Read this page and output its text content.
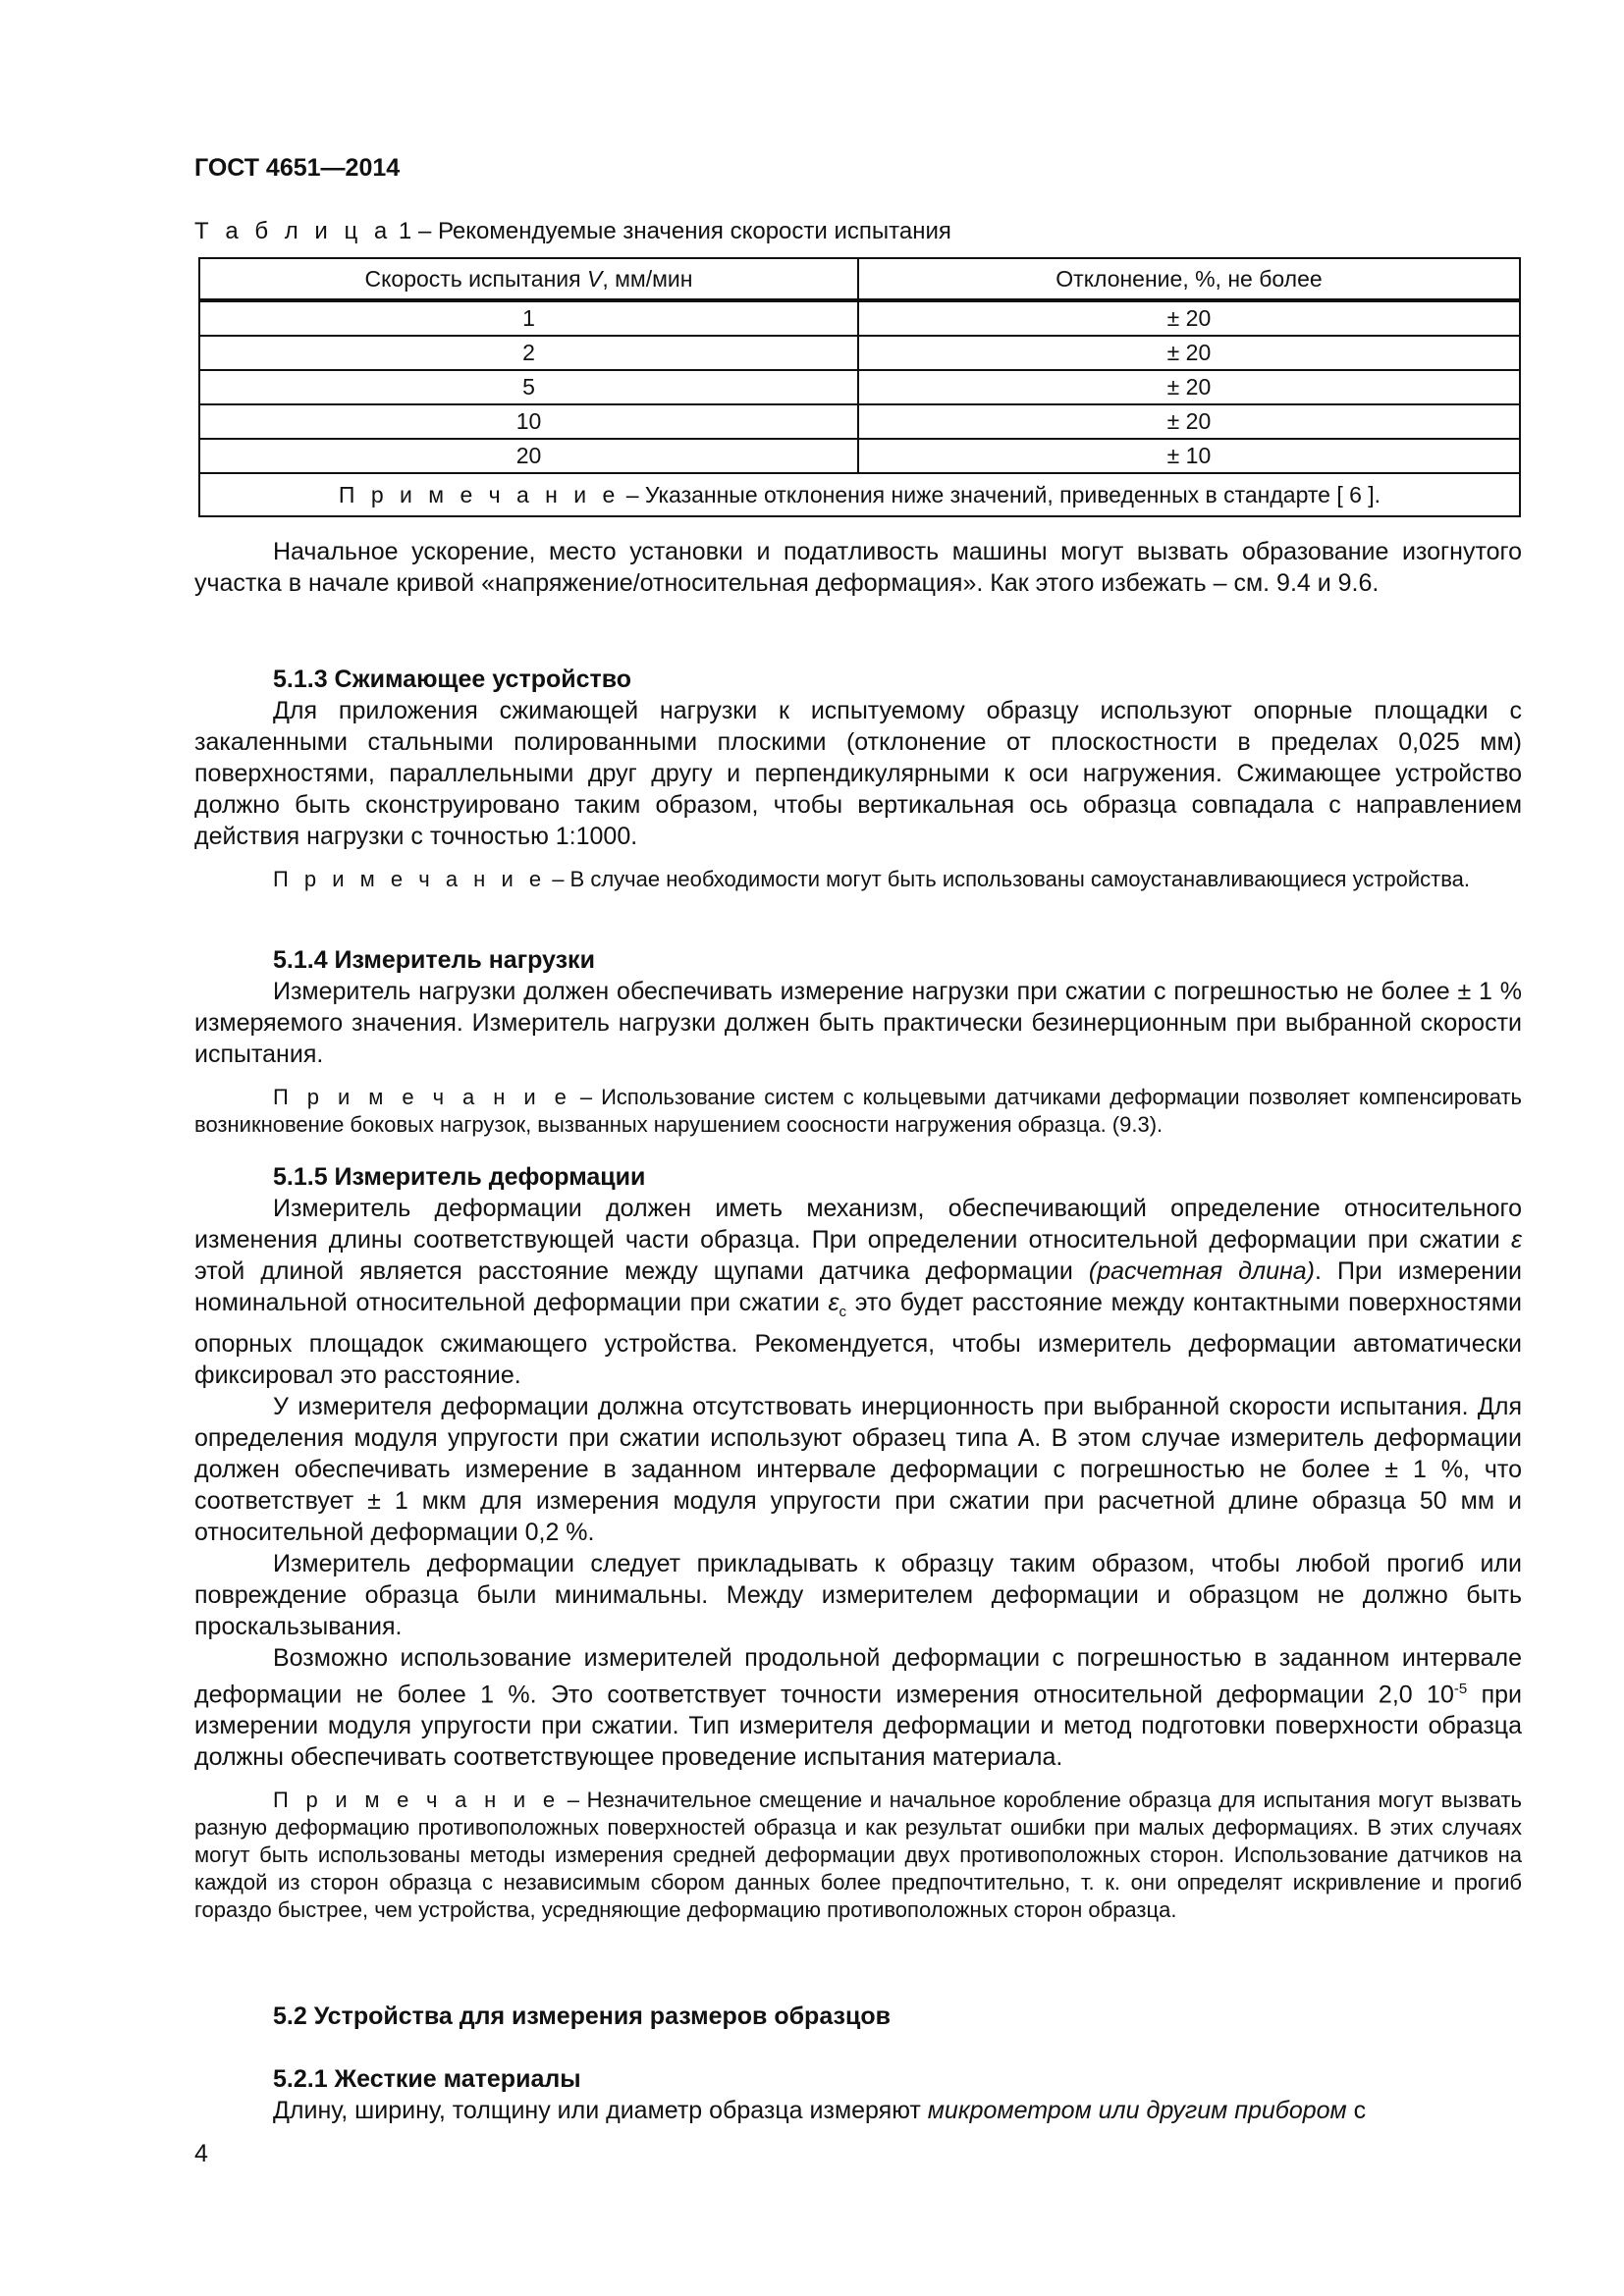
ГОСТ 4651—2014
Т а б л и ц а 1 – Рекомендуемые значения скорости испытания
Скорость испытания V, мм/мин	Отклонение, %, не более
1	± 20
2	± 20
5	± 20
10	± 20
20	± 10
П р и м е ч а н и е – Указанные отклонения ниже значений, приведенных в стандарте [ 6 ].	

Начальное ускорение, место установки и податливость машины могут вызвать образование изогнутого участка в начале кривой «напряжение/относительная деформация». Как этого избежать – см. 9.4 и 9.6.

5.1.3 Сжимающее устройство

Для приложения сжимающей нагрузки к испытуемому образцу используют опорные площадки с закаленными стальными полированными плоскими (отклонение от плоскостности в пределах 0,025 мм) поверхностями, параллельными друг другу и перпендикулярными к оси нагружения. Сжимающее устройство должно быть сконструировано таким образом, чтобы вертикальная ось образца совпадала с направлением действия нагрузки с точностью 1:1000.

П р и м е ч а н и е – В случае необходимости могут быть использованы самоустанавливающиеся устройства.

5.1.4 Измеритель нагрузки

Измеритель нагрузки должен обеспечивать измерение нагрузки при сжатии с погрешностью не более ± 1 % измеряемого значения. Измеритель нагрузки должен быть практически безинерционным при выбранной скорости испытания.

П р и м е ч а н и е – Использование систем с кольцевыми датчиками деформации позволяет компенсировать возникновение боковых нагрузок, вызванных нарушением соосности нагружения образца. (9.3).

5.1.5 Измеритель деформации

Измеритель деформации должен иметь механизм, обеспечивающий определение относительного изменения длины соответствующей части образца. При определении относительной деформации при сжатии ε этой длиной является расстояние между щупами датчика деформации (расчетная длина). При измерении номинальной относительной деформации при сжатии $\varepsilon_c$ это будет расстояние между контактными поверхностями опорных площадок сжимающего устройства. Рекомендуется, чтобы измеритель деформации автоматически фиксировал это расстояние.

У измерителя деформации должна отсутствовать инерционность при выбранной скорости испытания. Для определения модуля упругости при сжатии используют образец типа А. В этом случае измеритель деформации должен обеспечивать измерение в заданном интервале деформации с погрешностью не более ± 1 %, что соответствует ± 1 мкм для измерения модуля упругости при сжатии при расчетной длине образца 50 мм и относительной деформации 0,2 %.

Измеритель деформации следует прикладывать к образцу таким образом, чтобы любой прогиб или повреждение образца были минимальны. Между измерителем деформации и образцом не должно быть проскальзывания.

Возможно использование измерителей продольной деформации с погрешностью в заданном интервале деформации не более 1 %. Это соответствует точности измерения относительной деформации 2,0 $10^{-5}$ при измерении модуля упругости при сжатии. Тип измерителя деформации и метод подготовки поверхности образца должны обеспечивать соответствующее проведение испытания материала.

П р и м е ч а н и е – Незначительное смещение и начальное коробление образца для испытания могут вызвать разную деформацию противоположных поверхностей образца и как результат ошибки при малых деформациях. В этих случаях могут быть использованы методы измерения средней деформации двух противоположных сторон. Использование датчиков на каждой из сторон образца с независимым сбором данных более предпочтительно, т. к. они определят искривление и прогиб гораздо быстрее, чем устройства, усредняющие деформацию противоположных сторон образца.

5.2 Устройства для измерения размеров образцов

5.2.1 Жесткие материалы

Длину, ширину, толщину или диаметр образца измеряют микрометром или другим прибором с

4
